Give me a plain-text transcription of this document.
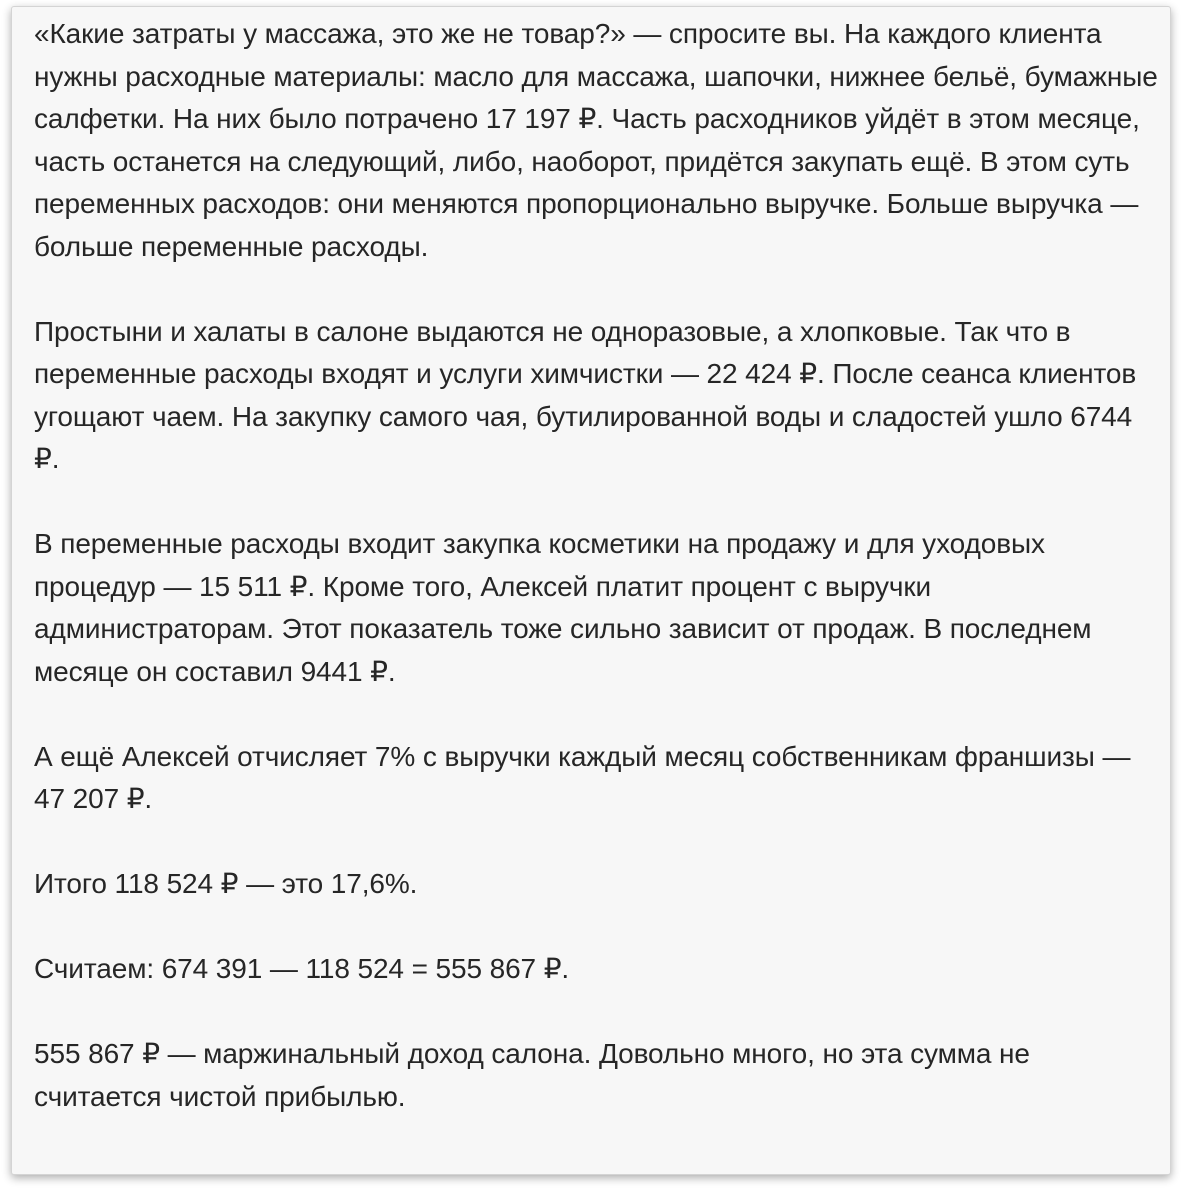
«Какие затраты у массажа, это же не товар?» — спросите вы. На каждого клиента нужны расходные материалы: масло для массажа, шапочки, нижнее бельё, бумажные салфетки. На них было потрачено 17 197 ₽. Часть расходников уйдёт в этом месяце, часть останется на следующий, либо, наоборот, придётся закупать ещё. В этом суть переменных расходов: они меняются пропорционально выручке. Больше выручка — больше переменные расходы.

Простыни и халаты в салоне выдаются не одноразовые, а хлопковые. Так что в переменные расходы входят и услуги химчистки — 22 424 ₽. После сеанса клиентов угощают чаем. На закупку самого чая, бутилированной воды и сладостей ушло 6744 ₽.

В переменные расходы входит закупка косметики на продажу и для уходовых процедур — 15 511 ₽. Кроме того, Алексей платит процент с выручки администраторам. Этот показатель тоже сильно зависит от продаж. В последнем месяце он составил 9441 ₽.

А ещё Алексей отчисляет 7% с выручки каждый месяц собственникам франшизы — 47 207 ₽.

Итого 118 524 ₽ — это 17,6%.

Считаем: 674 391 — 118 524 = 555 867 ₽.

555 867 ₽ — маржинальный доход салона. Довольно много, но эта сумма не считается чистой прибылью.
